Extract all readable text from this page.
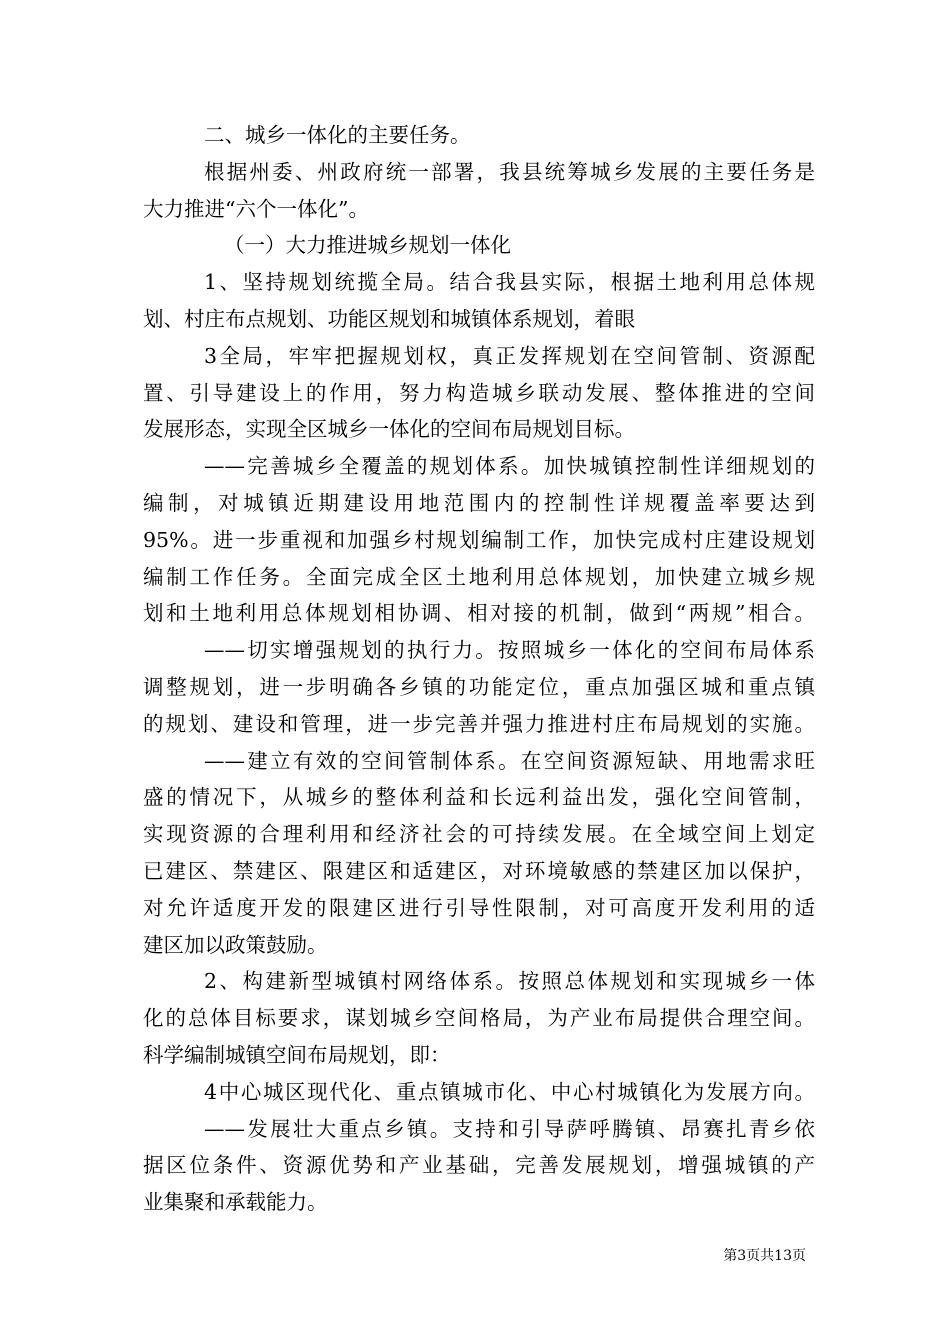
二、城乡一体化的主要任务。
根据州委、州政府统一部署，我县统筹城乡发展的主要任务是
大力推进“六个一体化”。
（一）大力推进城乡规划一体化
1、坚持规划统揽全局。结合我县实际，根据土地利用总体规
划、村庄布点规划、功能区规划和城镇体系规划，着眼
3全局，牢牢把握规划权，真正发挥规划在空间管制、资源配
置、引导建设上的作用，努力构造城乡联动发展、整体推进的空间
发展形态，实现全区城乡一体化的空间布局规划目标。
——完善城乡全覆盖的规划体系。加快城镇控制性详细规划的
编制，对城镇近期建设用地范围内的控制性详规覆盖率要达到
95%。进一步重视和加强乡村规划编制工作，加快完成村庄建设规划
编制工作任务。全面完成全区土地利用总体规划，加快建立城乡规
划和土地利用总体规划相协调、相对接的机制，做到“两规”相合。
——切实增强规划的执行力。按照城乡一体化的空间布局体系
调整规划，进一步明确各乡镇的功能定位，重点加强区城和重点镇
的规划、建设和管理，进一步完善并强力推进村庄布局规划的实施。
——建立有效的空间管制体系。在空间资源短缺、用地需求旺
盛的情况下，从城乡的整体利益和长远利益出发，强化空间管制，
实现资源的合理利用和经济社会的可持续发展。在全域空间上划定
已建区、禁建区、限建区和适建区，对环境敏感的禁建区加以保护，
对允许适度开发的限建区进行引导性限制，对可高度开发利用的适
建区加以政策鼓励。
2、构建新型城镇村网络体系。按照总体规划和实现城乡一体
化的总体目标要求，谋划城乡空间格局，为产业布局提供合理空间。
科学编制城镇空间布局规划，即：
4中心城区现代化、重点镇城市化、中心村城镇化为发展方向。
——发展壮大重点乡镇。支持和引导萨呼腾镇、昂赛扎青乡依
据区位条件、资源优势和产业基础，完善发展规划，增强城镇的产
业集聚和承载能力。
第3页共13页
